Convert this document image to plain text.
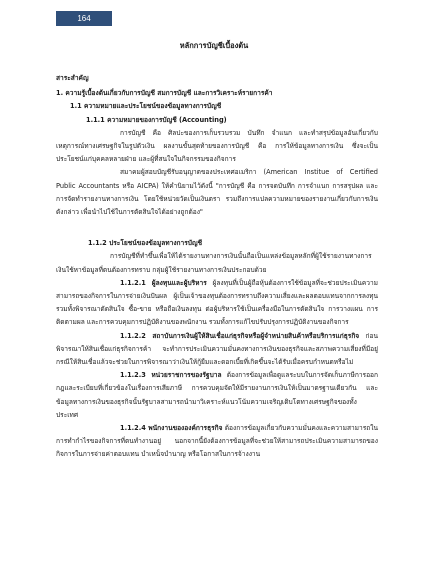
164
หลักการบัญชีเบื้องต้น
สาระสำคัญ
1. ความรู้เบื้องต้นเกี่ยวกับการบัญชี สมการบัญชี และการวิเคราะห์รายการค้า
1.1 ความหมายและประโยชน์ของข้อมูลทางการบัญชี
1.1.1 ความหมายของการบัญชี (Accounting)

การบัญชี คือ ศิลปะของการเก็บรวบรวม บันทึก จำแนก และทำสรุปข้อมูลอันเกี่ยวกับเหตุการณ์ทางเศรษฐกิจในรูปตัวเงิน ผลงานขั้นสุดท้ายของการบัญชี คือ การให้ข้อมูลทางการเงิน ซึ่งจะเป็นประโยชน์แก่บุคคลหลายฝ่าย และผู้ที่สนใจในกิจกรรมของกิจการ

สมาคมผู้สอบบัญชีรับอนุญาตของประเทศอเมริกา (American Institue of Certified Public Accountants หรือ AICPA) ให้คำนิยามไว้ดังนี้ "การบัญชี คือ การจดบันทึก การจำแนก การสรุปผล และการจัดทำรายงานทางการเงิน โดยใช้หน่วยวัดเป็นเงินตรา รวมถึงการแปลความหมายของรายงานเกี่ยวกับการเงินดังกล่าว เพื่อนำไปใช้ในการตัดสินใจได้อย่างถูกต้อง"

1.1.2 ประโยชน์ของข้อมูลทางการบัญชี

การบัญชีที่ทำขึ้นเพื่อให้ได้รายงานทางการเงินนั้นถือเป็นแหล่งข้อมูลหลักที่ผู้ใช้รายงานทางการเงินใช้หาข้อมูลที่ตนต้องการทราบ กลุ่มผู้ใช้รายงานทางการเงินประกอบด้วย

1.1.2.1 ผู้ลงทุนและผู้บริหาร ผู้ลงทุนที่เป็นผู้ถือหุ้นต้องการใช้ข้อมูลที่จะช่วยประเมินความสามารถของกิจการในการจ่ายเงินปันผล ผู้เป็นเจ้าของทุนต้องการทราบถึงความเสี่ยงและผลตอบแทนจากการลงทุน รวมทั้งพิจารณาตัดสินใจ ซื้อ-ขาย หรือถือเงินลงทุน ต่อผู้บริหารใช้เป็นเครื่องมือในการตัดสินใจ การวางแผน การติดตามผล และการควบคุมการปฏิบัติงานของพนักงาน รวมทั้งการแก้ไขปรับปรุงการปฏิบัติงานของกิจการ

1.1.2.2 สถาบันการเงินผู้ให้สินเชื่อแก่ธุรกิจหรือผู้จำหน่ายสินค้าหรือบริการแก่ธุรกิจ ก่อนพิจารณาให้สินเชื่อแก่ธุรกิจการค้า จะทำการประเมินความมั่นคงทางการเงินของธุรกิจและสภาพความเสี่ยงที่มีอยู่ กรณีให้สินเชื่อแล้วจะช่วยในการพิจารณาว่าเงินให้กู้ยืมและดอกเบี้ยที่เกิดขึ้นจะได้รับเมื่อครบกำหนดหรือไม่

1.1.2.3 หน่วยราชการของรัฐบาล ต้องการข้อมูลเพื่อดูแลระบบในการจัดเก็บภาษีการออกกฎและระเบียบที่เกี่ยวข้องในเรื่องการเสียภาษี การควบคุมจัดให้มีรายงานการเงินให้เป็นมาตรฐานเดียวกัน และข้อมูลทางการเงินของธุรกิจนั้นรัฐบาลสามารถนำมาวิเคราะห์แนวโน้มความเจริญเติบโตทางเศรษฐกิจของทั้งประเทศ

1.1.2.4 พนักงานขององค์การธุรกิจ ต้องการข้อมูลเกี่ยวกับความมั่นคงและความสามารถในการทำกำไรของกิจการที่ตนทำงานอยู่ นอกจากนี้ยังต้องการข้อมูลที่จะช่วยให้สามารถประเมินความสามารถของกิจการในการจ่ายค่าตอบแทน บำเหน็จบำนาญ หรือโอกาสในการจ้างงาน
